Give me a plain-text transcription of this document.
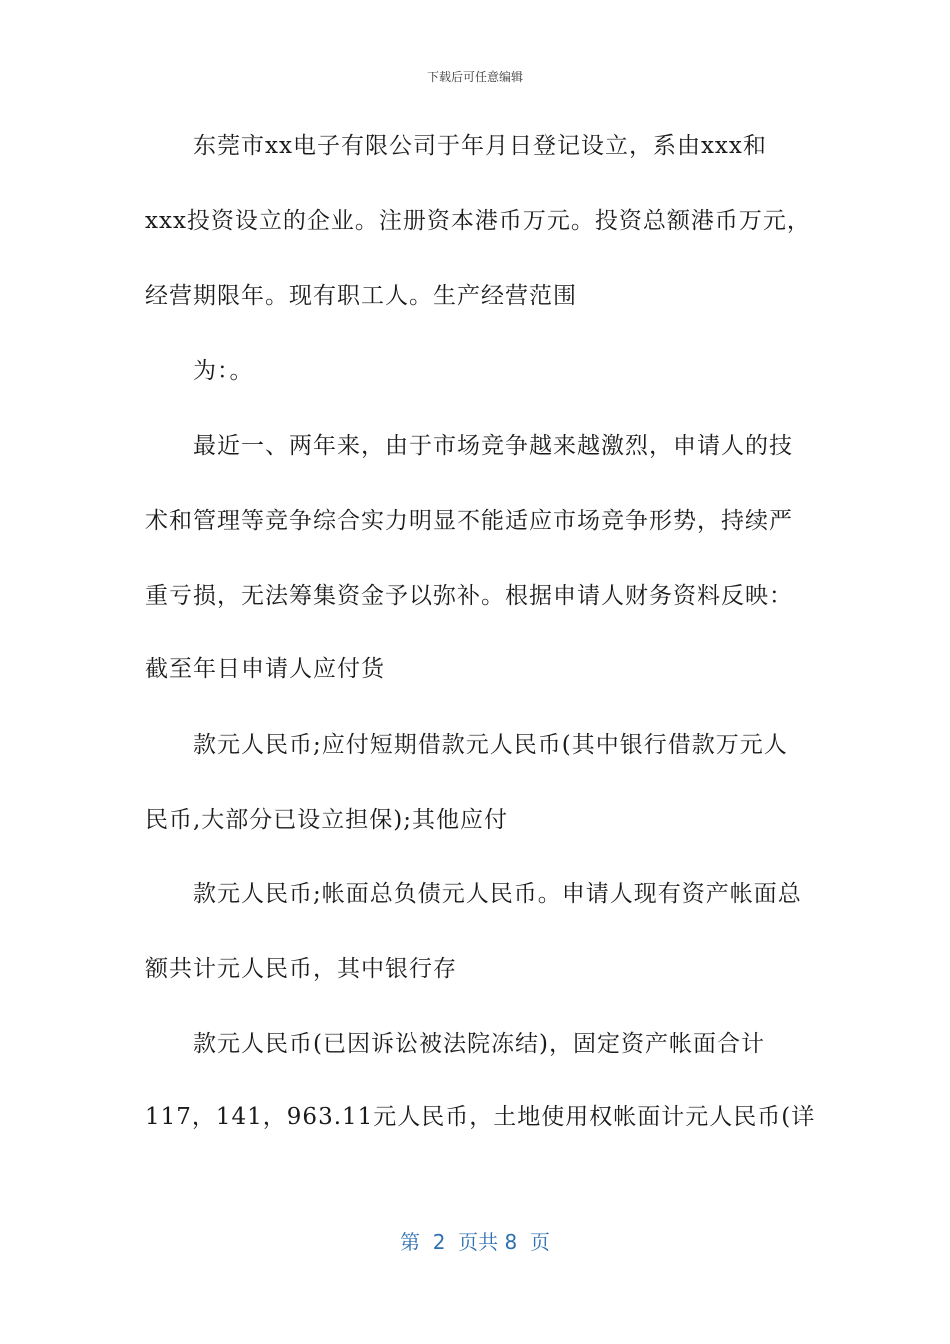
下载后可任意编辑
东莞市xx电子有限公司于年月日登记设立，系由xxx和
xxx投资设立的企业。注册资本港币万元。投资总额港币万元，
经营期限年。现有职工人。生产经营范围
为：。
最近一、两年来，由于市场竞争越来越激烈，申请人的技
术和管理等竞争综合实力明显不能适应市场竞争形势，持续严
重亏损，无法筹集资金予以弥补。根据申请人财务资料反映：
截至年日申请人应付货
款元人民币;应付短期借款元人民币(其中银行借款万元人
民币,大部分已设立担保);其他应付
款元人民币;帐面总负债元人民币。申请人现有资产帐面总
额共计元人民币，其中银行存
款元人民币(已因诉讼被法院冻结)，固定资产帐面合计
117，141，963.11元人民币，土地使用权帐面计元人民币(详
第  2  页共 8  页
